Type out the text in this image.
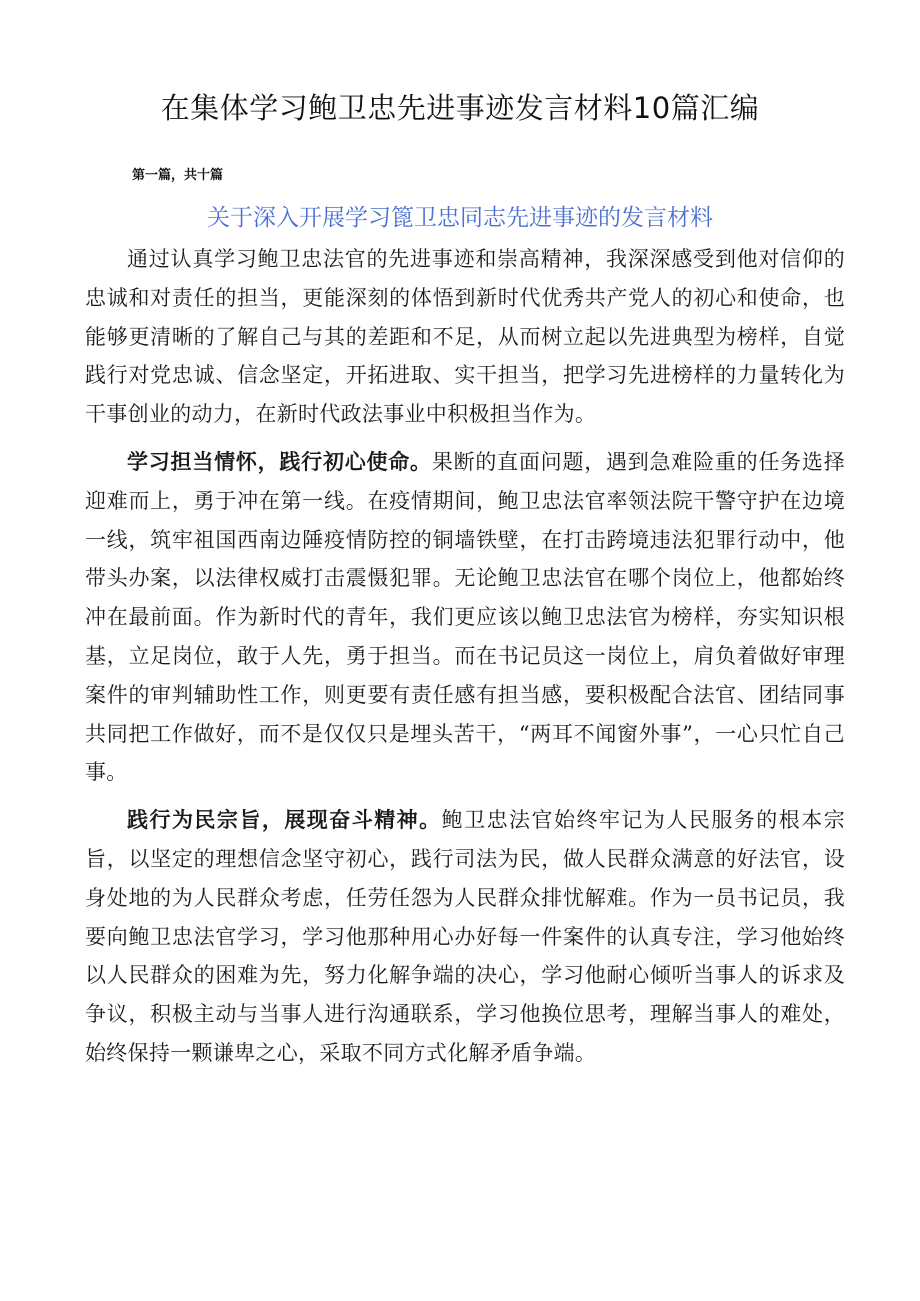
在集体学习鲍卫忠先进事迹发言材料10篇汇编
第一篇，共十篇
关于深入开展学习篦卫忠同志先进事迹的发言材料

通过认真学习鲍卫忠法官的先进事迹和崇高精神，我深深感受到他对信仰的忠诚和对责任的担当，更能深刻的体悟到新时代优秀共产党人的初心和使命，也能够更清晰的了解自己与其的差距和不足，从而树立起以先进典型为榜样，自觉践行对党忠诚、信念坚定，开拓进取、实干担当，把学习先进榜样的力量转化为干事创业的动力，在新时代政法事业中积极担当作为。

学习担当情怀，践行初心使命。果断的直面问题，遇到急难险重的任务选择迎难而上，勇于冲在第一线。在疫情期间，鲍卫忠法官率领法院干警守护在边境一线，筑牢祖国西南边陲疫情防控的铜墙铁壁，在打击跨境违法犯罪行动中，他带头办案，以法律权威打击震慑犯罪。无论鲍卫忠法官在哪个岗位上，他都始终冲在最前面。作为新时代的青年，我们更应该以鲍卫忠法官为榜样，夯实知识根基，立足岗位，敢于人先，勇于担当。而在书记员这一岗位上，肩负着做好审理案件的审判辅助性工作，则更要有责任感有担当感，要积极配合法官、团结同事共同把工作做好，而不是仅仅只是埋头苦干，“两耳不闻窗外事”，一心只忙自己事。

践行为民宗旨，展现奋斗精神。鲍卫忠法官始终牢记为人民服务的根本宗旨，以坚定的理想信念坚守初心，践行司法为民，做人民群众满意的好法官，设身处地的为人民群众考虑，任劳任怨为人民群众排忧解难。作为一员书记员，我要向鲍卫忠法官学习，学习他那种用心办好每一件案件的认真专注，学习他始终以人民群众的困难为先，努力化解争端的决心，学习他耐心倾听当事人的诉求及争议，积极主动与当事人进行沟通联系，学习他换位思考，理解当事人的难处，始终保持一颗谦卑之心，采取不同方式化解矛盾争端。
